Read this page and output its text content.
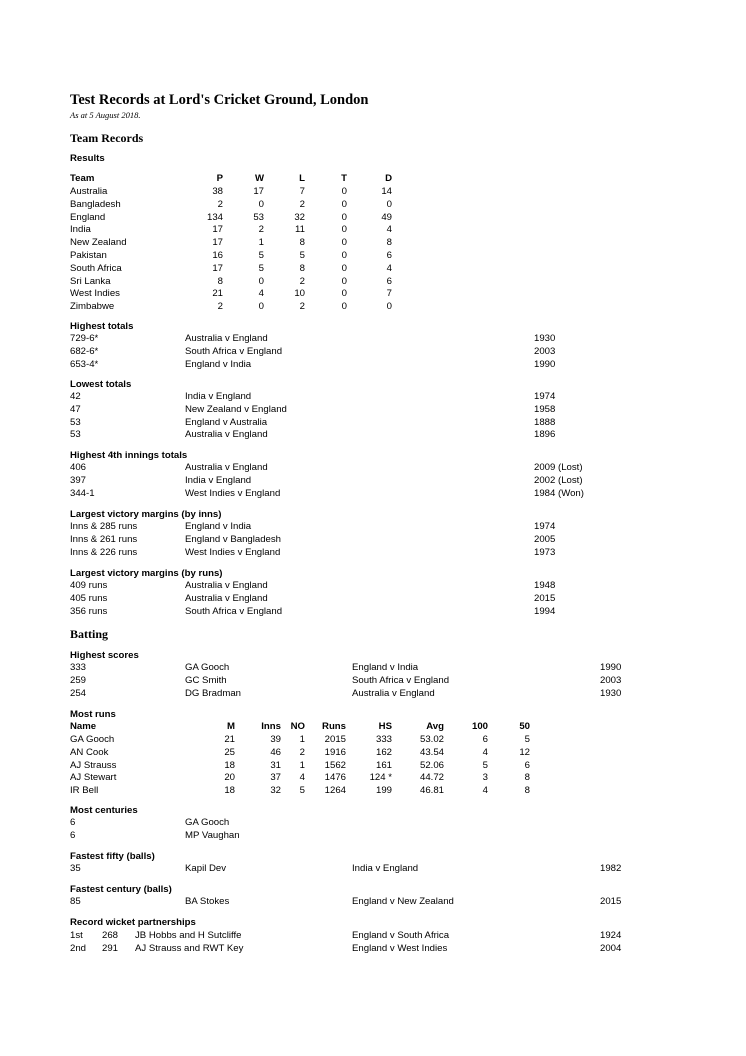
Test Records at Lord's Cricket Ground, London
As at 5 August 2018.
Team Records
Results
Team	P	W	L	T	D
Australia	38	17	7	0	14
Bangladesh	2	0	2	0	0
England	134	53	32	0	49
India	17	2	11	0	4
New Zealand	17	1	8	0	8
Pakistan	16	5	5	0	6
South Africa	17	5	8	0	4
Sri Lanka	8	0	2	0	6
West Indies	21	4	10	0	7
Zimbabwe	2	0	2	0	0
Highest totals
729-6*	Australia v England	1930
682-6*	South Africa v England	2003
653-4*	England v India	1990
Lowest totals
42	India v England	1974
47	New Zealand v England	1958
53	England v Australia	1888
53	Australia v England	1896
Highest 4th innings totals
406	Australia v England	2009 (Lost)
397	India v England	2002 (Lost)
344-1	West Indies v England	1984 (Won)
Largest victory margins (by inns)
Inns & 285 runs	England v India	1974
Inns & 261 runs	England v Bangladesh	2005
Inns & 226 runs	West Indies v England	1973
Largest victory margins (by runs)
409 runs	Australia v England	1948
405 runs	Australia v England	2015
356 runs	South Africa v England	1994
Batting
Highest scores
333	GA Gooch	England v India	1990
259	GC Smith	South Africa v England	2003
254	DG Bradman	Australia v England	1930
Most runs
Name	M	Inns	NO	Runs	HS	Avg	100	50
GA Gooch	21	39	1	2015	333	53.02	6	5
AN Cook	25	46	2	1916	162	43.54	4	12
AJ Strauss	18	31	1	1562	161	52.06	5	6
AJ Stewart	20	37	4	1476	124 *	44.72	3	8
IR Bell	18	32	5	1264	199	46.81	4	8
Most centuries
6	GA Gooch
6	MP Vaughan
Fastest fifty (balls)
35	Kapil Dev	India v England	1982
Fastest century (balls)
85	BA Stokes	England v New Zealand	2015
Record wicket partnerships
1st 268 JB Hobbs and H Sutcliffe	England v South Africa	1924
2nd 291 AJ Strauss and RWT Key	England v West Indies	2004
